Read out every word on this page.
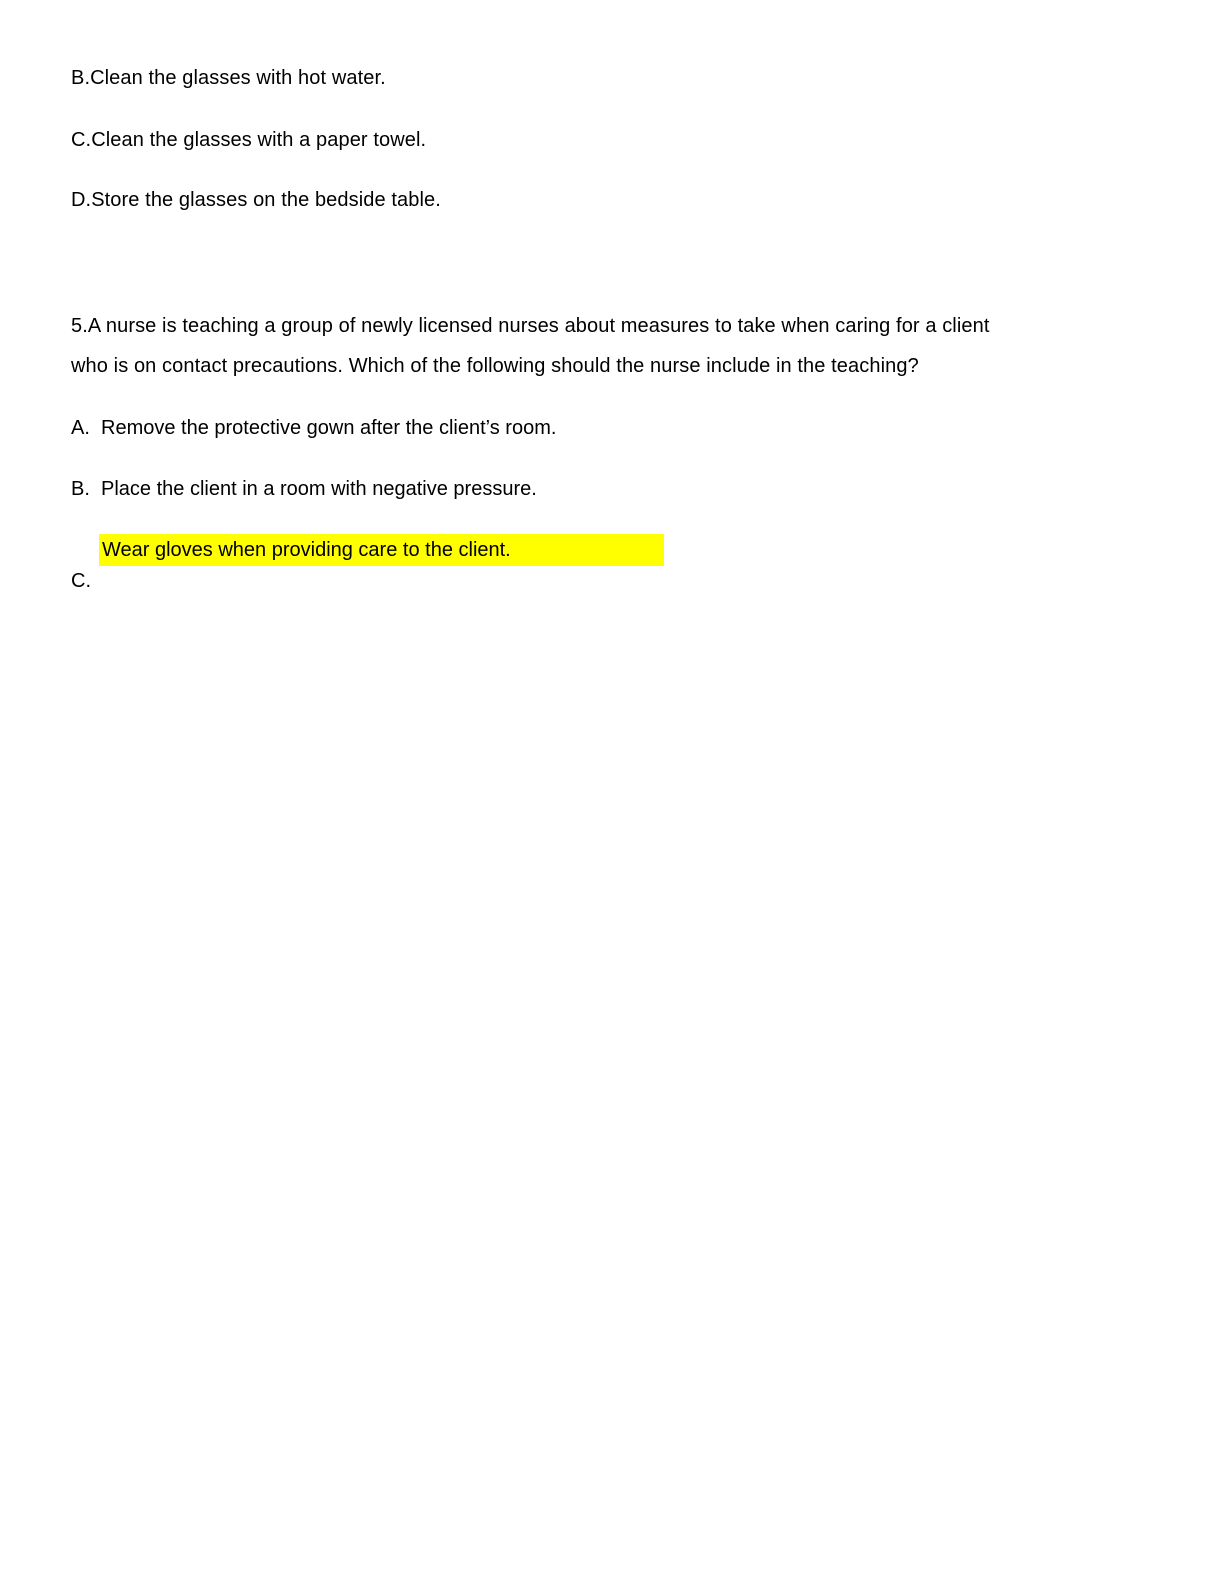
B.Clean the glasses with hot water.
C.Clean the glasses with a paper towel.
D.Store the glasses on the bedside table.
5.A nurse is teaching a group of newly licensed nurses about measures to take when caring for a client
who is on contact precautions. Which of the following should the nurse include in the teaching?
A. Remove the protective gown after the client’s room.
B. Place the client in a room with negative pressure.
Wear gloves when providing care to the client.
C.
